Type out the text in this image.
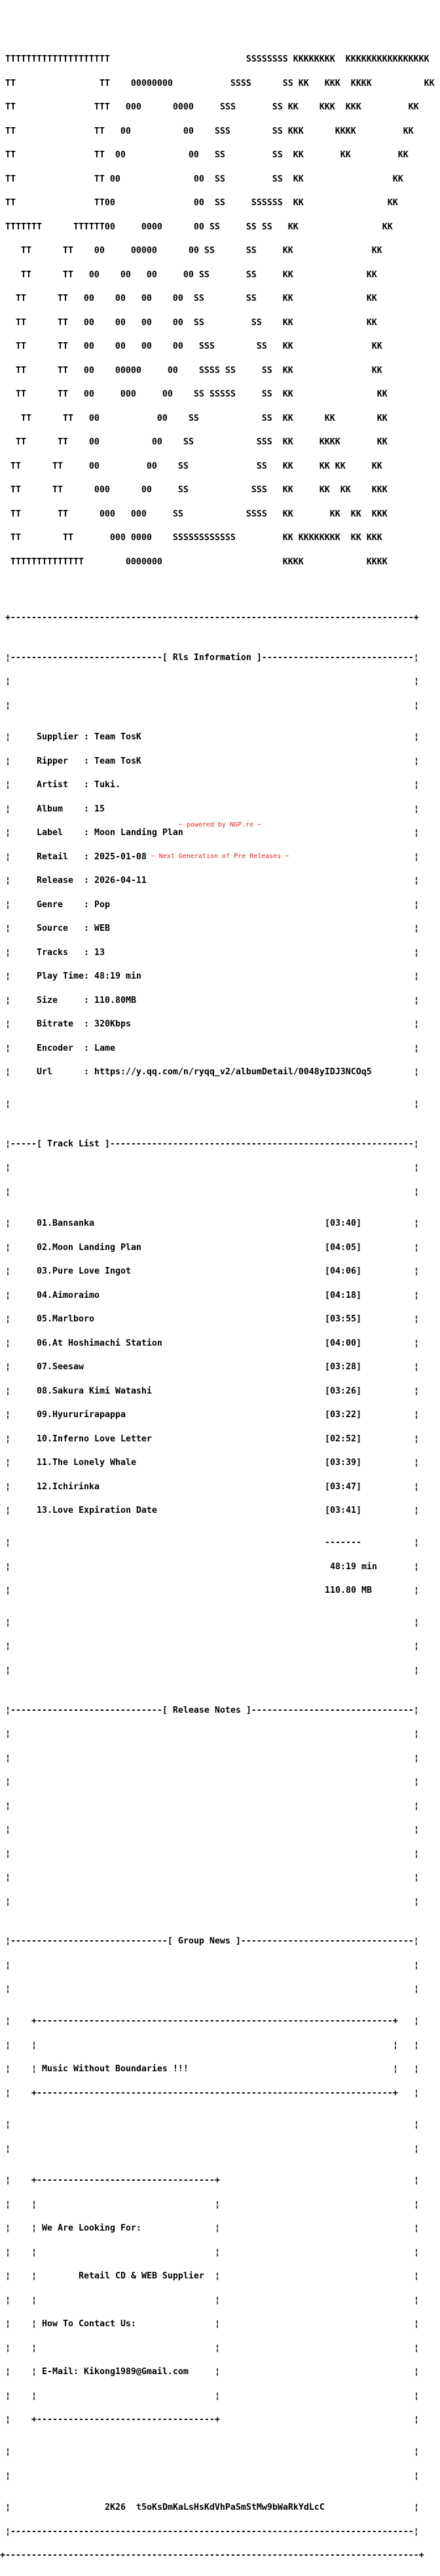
TTTTTTTTTTTTTTTTTTTT                          SSSSSSSS KKKKKKKK  KKKKKKKKKKKKKKKK

TT                TT    00000000           SSSS      SS KK   KKK  KKKK          KK

TT               TTT   000      0000     SSS       SS KK    KKK  KKK         KK

TT               TT   00          00    SSS        SS KKK      KKKK         KK

TT               TT  00            00   SS         SS  KK       KK         KK

TT               TT 00              00  SS         SS  KK                 KK

TT               TT00               00  SS     SSSSSS  KK                KK

TTTTTTT      TTTTTT00     0000      00 SS     SS SS   KK                KK

TT      TT    00     00000      00 SS      SS     KK               KK

TT      TT   00    00   00     00 SS       SS     KK              KK

TT      TT   00    00   00    00  SS        SS     KK              KK

TT      TT   00    00   00    00  SS         SS    KK              KK

TT      TT   00    00   00    00   SSS        SS   KK               KK

TT      TT   00    00000     00    SSSS SS     SS  KK               KK

TT      TT   00     000     00    SS SSSSS     SS  KK                KK

TT      TT   00           00    SS            SS  KK      KK        KK

TT      TT    00          00    SS            SSS  KK     KKKK       KK

TT      TT     00         00    SS             SS   KK     KK KK     KK

TT      TT      000      00     SS            SSS   KK     KK  KK    KKK

TT       TT      000   000     SS            SSSS   KK       KK  KK  KKK

TT        TT       000 0000    SSSSSSSSSSSS         KK KKKKKKKK  KK KKK

TTTTTTTTTTTTTT        0000000                       KKKK            KKKK

+-----------------------------------------------------------------------------+

¦-----------------------------[ Rls Information ]-----------------------------¦

¦  ¦

¦  ¦

¦ Supplier : Team TosK
¦

¦ Ripper   : Team TosK
¦

¦ Artist   : Tuki.
¦

¦ Album    : 15
¦

¦ Label    : Moon Landing Plan
¦

¦ Retail   : 2025-01-08
¦

¦ Release  : 2026-04-11
¦

¦ Genre    : Pop
¦

¦ Source   : WEB
¦

¦ Tracks   : 13
¦

¦ Play Time: 48:19 min
¦

¦ Size     : 110.80MB
¦

¦ Bitrate  : 320Kbps
¦

¦ Encoder  : Lame
¦

¦ Url      : https://y.qq.com/n/ryqq_v2/albumDetail/0048yIDJ3NCOq5
¦

¦  ¦

¦-----[ Track List ]----------------------------------------------------------¦

¦  ¦

¦  ¦

¦ 01.Bansanka	[03:40]
¦

¦ 02.Moon Landing Plan	[04:05]
¦

¦ 03.Pure Love Ingot	[04:06]
¦

¦ 04.Aimoraimo	[04:18]
¦

¦ 05.Marlboro	[03:55]
¦

¦ 06.At Hoshimachi Station	[04:00]
¦

¦ 07.Seesaw	[03:28]
¦

¦ 08.Sakura Kimi Watashi	[03:26]
¦

¦ 09.Hyururirapappa	[03:22]
¦

¦ 10.Inferno Love Letter	[02:52]
¦

¦ 11.The Lonely Whale	[03:39]
¦

¦ 12.Ichirinka	[03:47]
¦

¦ 13.Love Expiration Date	[03:41]
¦

¦ -------
¦

¦  48:19 min
¦

¦ 110.80 MB
¦

¦  ¦

¦  ¦

¦  ¦

¦-----------------------------[ Release Notes ]-------------------------------¦

¦  ¦

¦  ¦

¦  ¦

¦  ¦

¦  ¦

¦  ¦

¦  ¦

¦  ¦

¦------------------------------[ Group News ]---------------------------------¦

¦  ¦

¦  ¦

¦ +--------------------------------------------------------------------+
¦

¦
¦  ¦
¦

¦  ¦
¦ Music Without Boundaries !!!
¦

¦ +--------------------------------------------------------------------+
¦

¦  ¦

¦  ¦

¦ +----------------------------------+
¦

¦
¦  ¦
¦

¦  ¦
¦ We Are Looking For:
¦

¦
¦  ¦
¦

¦  ¦
¦ Retail CD & WEB Supplier
¦

¦
¦  ¦
¦

¦  ¦
¦ How To Contact Us:
¦

¦
¦  ¦
¦

¦  ¦
¦ E-Mail: Kikong1989@Gmail.com
¦

¦
¦  ¦
¦

¦ +----------------------------------+
¦

¦  ¦

¦  ¦

¦ 2K26  t5oKsDmKaLsHsKdVhPaSmStMw9bWaRkYdLcC
¦

¦-----------------------------------------------------------------------------¦

+-------------------------------------------------------------------------------+

~ powered by NGP.re ~

~ Next Generation of Pre Releases ~
